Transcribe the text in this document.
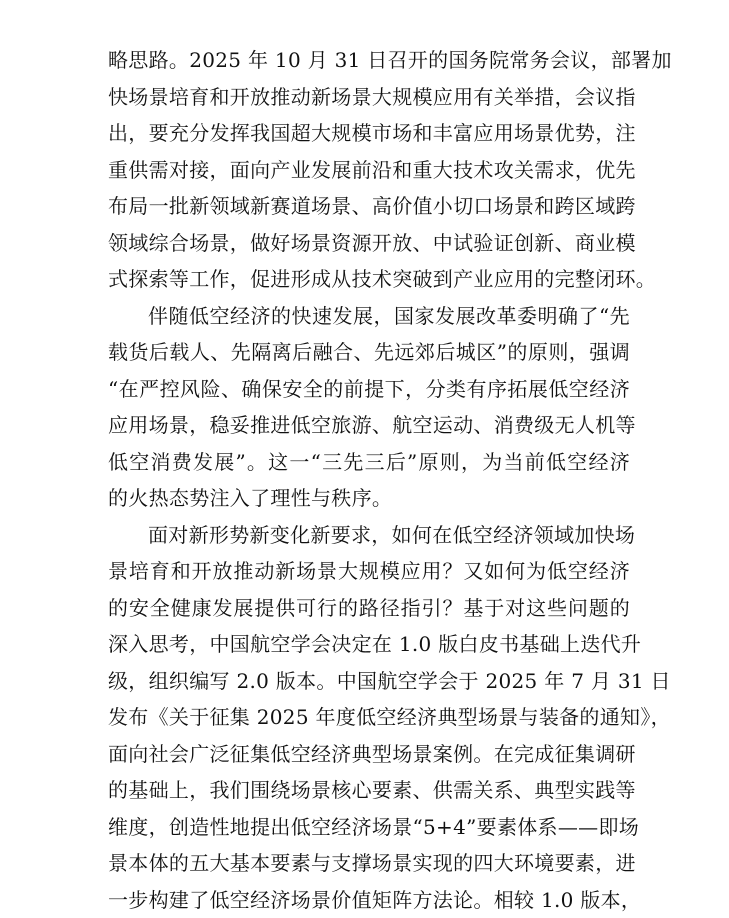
略思路。2025 年 10 月 31 日召开的国务院常务会议，部署加
快场景培育和开放推动新场景大规模应用有关举措，会议指
出，要充分发挥我国超大规模市场和丰富应用场景优势，注
重供需对接，面向产业发展前沿和重大技术攻关需求，优先
布局一批新领域新赛道场景、高价值小切口场景和跨区域跨
领域综合场景，做好场景资源开放、中试验证创新、商业模
式探索等工作，促进形成从技术突破到产业应用的完整闭环。
伴随低空经济的快速发展，国家发展改革委明确了“先
载货后载人、先隔离后融合、先远郊后城区”的原则，强调
“在严控风险、确保安全的前提下，分类有序拓展低空经济
应用场景，稳妥推进低空旅游、航空运动、消费级无人机等
低空消费发展”。这一“三先三后”原则，为当前低空经济
的火热态势注入了理性与秩序。
面对新形势新变化新要求，如何在低空经济领域加快场
景培育和开放推动新场景大规模应用？又如何为低空经济
的安全健康发展提供可行的路径指引？基于对这些问题的
深入思考，中国航空学会决定在 1.0 版白皮书基础上迭代升
级，组织编写 2.0 版本。中国航空学会于 2025 年 7 月 31 日
发布《关于征集 2025 年度低空经济典型场景与装备的通知》，
面向社会广泛征集低空经济典型场景案例。在完成征集调研
的基础上，我们围绕场景核心要素、供需关系、典型实践等
维度，创造性地提出低空经济场景“5+4”要素体系——即场
景本体的五大基本要素与支撑场景实现的四大环境要素，进
一步构建了低空经济场景价值矩阵方法论。相较 1.0 版本，
